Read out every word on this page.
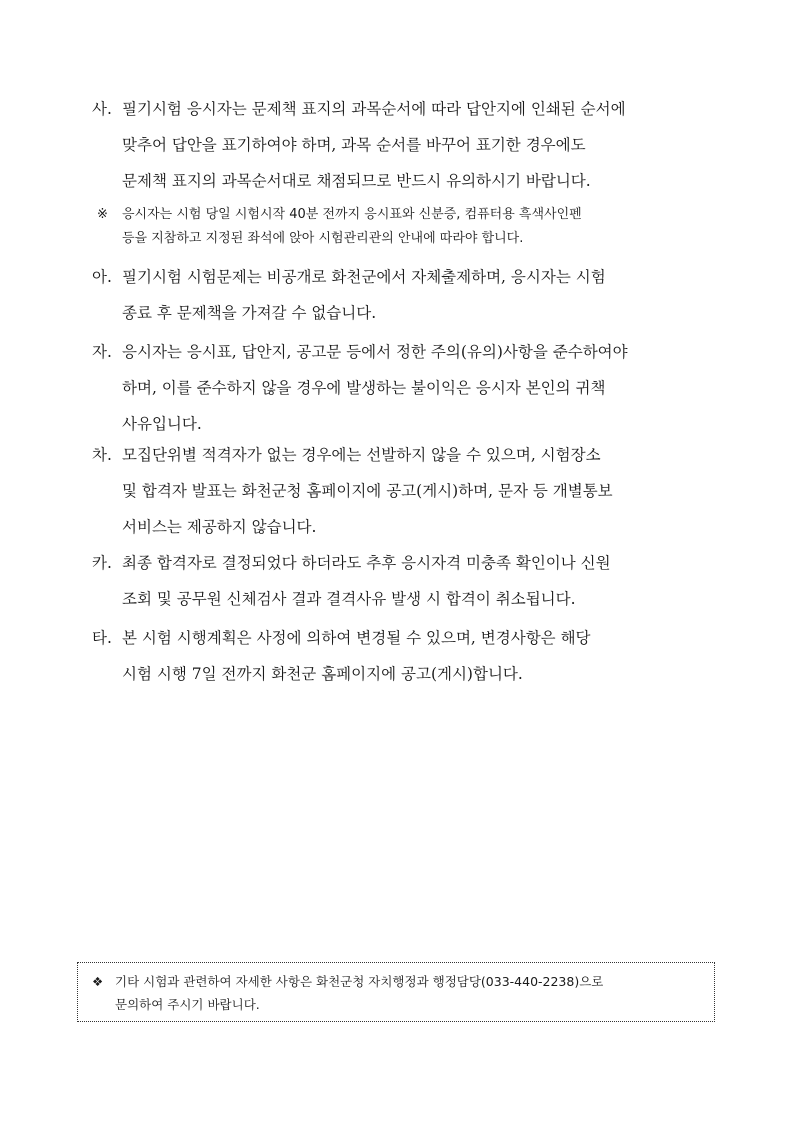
사. 필기시험 응시자는 문제책 표지의 과목순서에 따라 답안지에 인쇄된 순서에
맞추어 답안을 표기하여야 하며, 과목 순서를 바꾸어 표기한 경우에도
문제책 표지의 과목순서대로 채점되므로 반드시 유의하시기 바랍니다.
※	응시자는 시험 당일 시험시작 40분 전까지 응시표와 신분증, 컴퓨터용 흑색사인펜
등을 지참하고 지정된 좌석에 앉아 시험관리관의 안내에 따라야 합니다.
아. 필기시험 시험문제는 비공개로 화천군에서 자체출제하며, 응시자는 시험
종료 후 문제책을 가져갈 수 없습니다.
자. 응시자는 응시표, 답안지, 공고문 등에서 정한 주의(유의)사항을 준수하여야
하며, 이를 준수하지 않을 경우에 발생하는 불이익은 응시자 본인의 귀책
사유입니다.
차. 모집단위별 적격자가 없는 경우에는 선발하지 않을 수 있으며, 시험장소
및 합격자 발표는 화천군청 홈페이지에 공고(게시)하며, 문자 등 개별통보
서비스는 제공하지 않습니다.
카. 최종 합격자로 결정되었다 하더라도 추후 응시자격 미충족 확인이나 신원
조회 및 공무원 신체검사 결과 결격사유 발생 시 합격이 취소됩니다.
타. 본 시험 시행계획은 사정에 의하여 변경될 수 있으며, 변경사항은 해당
시험 시행 7일 전까지 화천군 홈페이지에 공고(게시)합니다.
❖ 기타 시험과 관련하여 자세한 사항은 화천군청 자치행정과 행정담당(033-440-2238)으로
문의하여 주시기 바랍니다.
